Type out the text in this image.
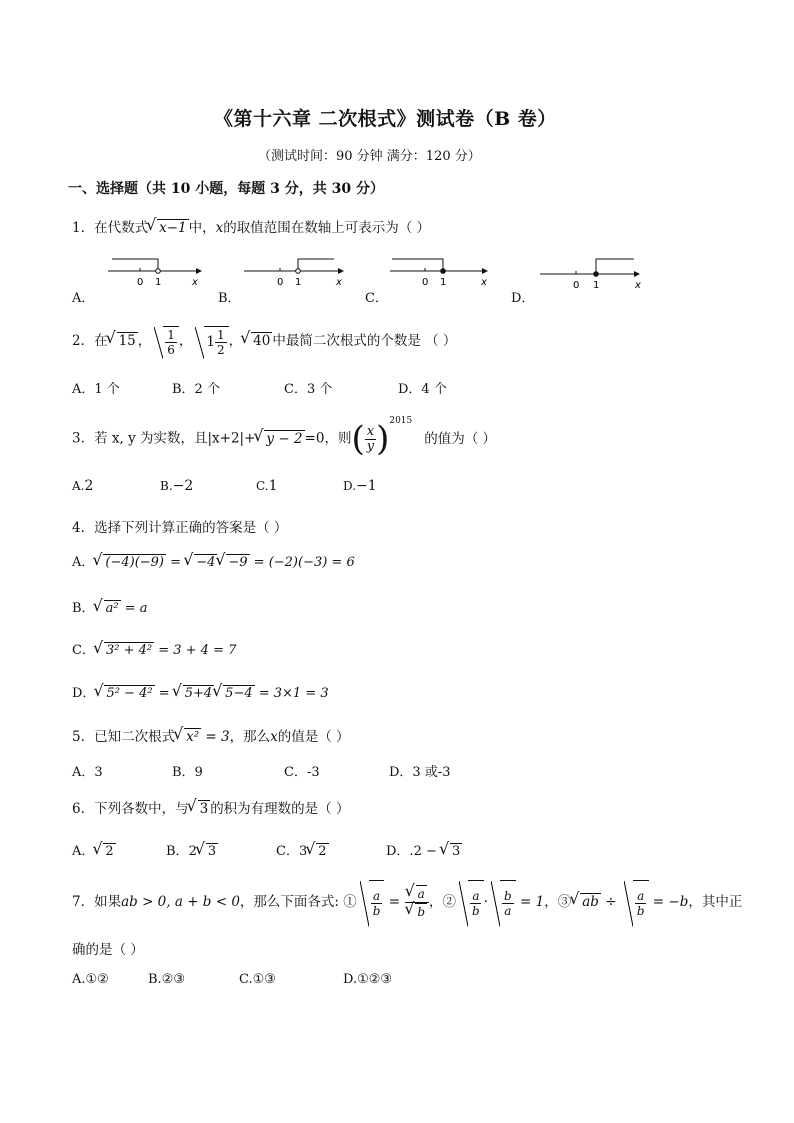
《第十六章 二次根式》测试卷（B 卷）
（测试时间：90 分钟 满分：120 分）
一、选择题（共 10 小题，每题 3 分，共 30 分）
1．在代数式 √ x−1 中，x的取值范围在数轴上可表示为（ ）
A．
0 1	x
B．
0 1	x
C．
0 1	x
D．
0 1	x
2．在 √ 15 ， $\frac{1}{6}$ ， $1 \frac{1}{2}$ ， √ 40 中最简二次根式的个数是 （ ）
A．1 个	B．2 个	C．3 个	D．4 个
3．若 x, y 为实数，且|x+2|+ √ y − 2 =0，则( $\frac{x}{y} )^{2015}$的值为（ ）
A.2	B.−2	C.1	D.−1
4．选择下列计算正确的答案是（ ）
A． √ (−4)(−9) = √ −4 √ −9 = (−2)(−3) = 6
B． √ a² = a
C． √ 3² + 4² = 3 + 4 = 7
D． √ 5² − 4² = √ 5+4 √ 5−4 = 3×1 = 3
5．已知二次根式 √ x² = 3，那么x的值是（ ）
A．3	B．9	C．-3	D．3 或-3
6．下列各数中，与 √ 3 的积为有理数的是（ ）
A． √ 2	B．2 √ 3	C．3 √ 2	D．.2 − √ 3
7．如果ab > 0, a + b < 0，那么下面各式: ① $\frac{a}{b}$ = √ a
√ b ，② $\frac{a}{b} \cdot \frac{b}{a} = 1$，③ √ ab ÷ $\frac{a}{b} = -b$，其中正
确的是（ ）
A.①②	B.②③	C.①③	D.①②③
